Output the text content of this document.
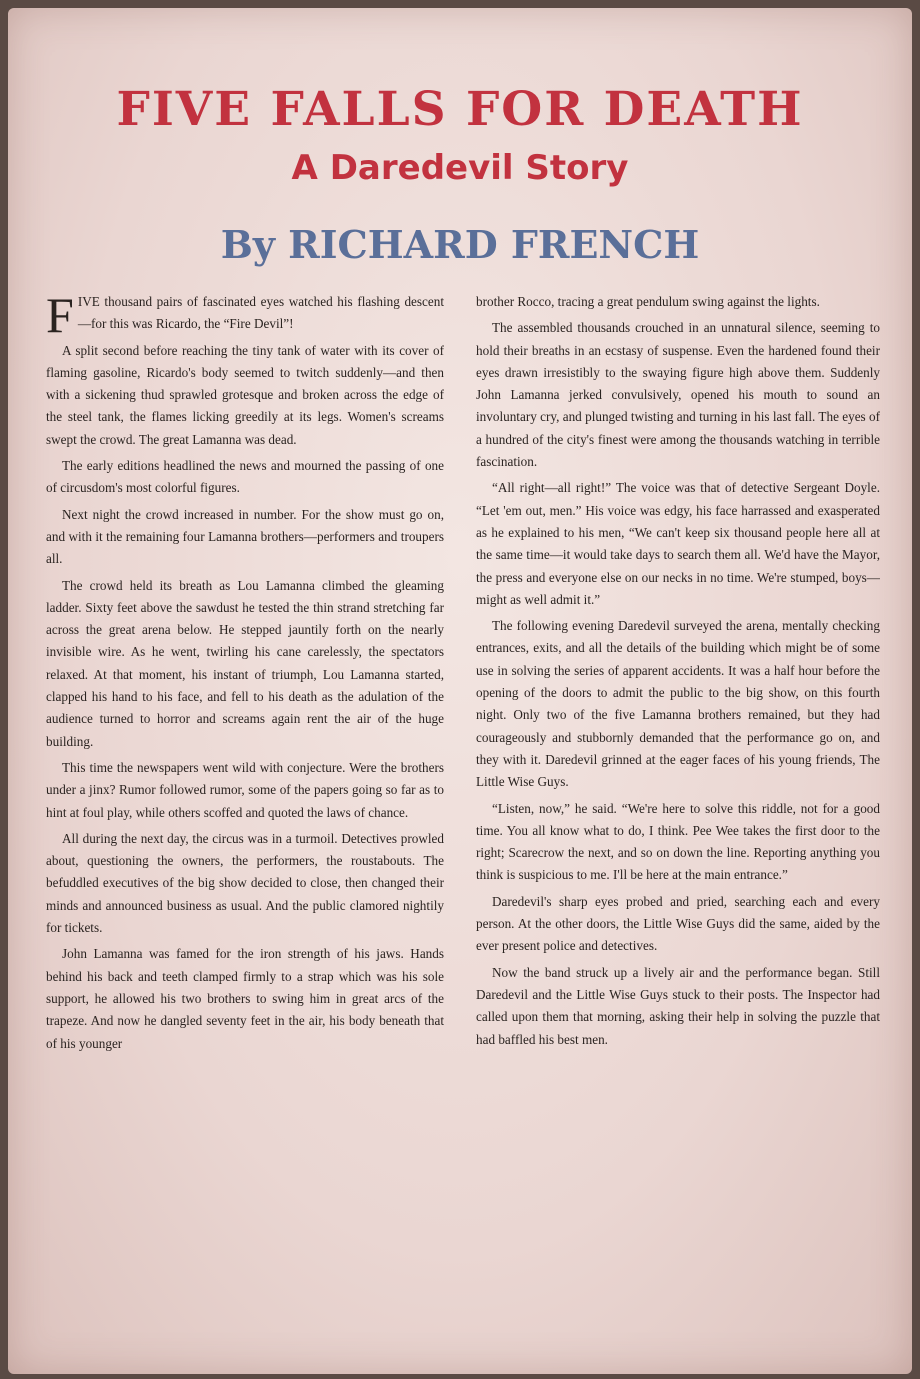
FIVE FALLS FOR DEATH
A Daredevil Story
By RICHARD FRENCH

FIVE thousand pairs of fascinated eyes watched his flashing descent—for this was Ricardo, the “Fire Devil”!

A split second before reaching the tiny tank of water with its cover of flaming gasoline, Ricardo's body seemed to twitch suddenly—and then with a sickening thud sprawled grotesque and broken across the edge of the steel tank, the flames licking greedily at its legs. Women's screams swept the crowd. The great Lamanna was dead.

The early editions headlined the news and mourned the passing of one of circusdom's most colorful figures.

Next night the crowd increased in number. For the show must go on, and with it the remaining four Lamanna brothers—performers and troupers all.

The crowd held its breath as Lou Lamanna climbed the gleaming ladder. Sixty feet above the sawdust he tested the thin strand stretching far across the great arena below. He stepped jauntily forth on the nearly invisible wire. As he went, twirling his cane carelessly, the spectators relaxed. At that moment, his instant of triumph, Lou Lamanna started, clapped his hand to his face, and fell to his death as the adulation of the audience turned to horror and screams again rent the air of the huge building.

This time the newspapers went wild with conjecture. Were the brothers under a jinx? Rumor followed rumor, some of the papers going so far as to hint at foul play, while others scoffed and quoted the laws of chance.

All during the next day, the circus was in a turmoil. Detectives prowled about, questioning the owners, the performers, the roustabouts. The befuddled executives of the big show decided to close, then changed their minds and announced business as usual. And the public clamored nightily for tickets.

John Lamanna was famed for the iron strength of his jaws. Hands behind his back and teeth clamped firmly to a strap which was his sole support, he allowed his two brothers to swing him in great arcs of the trapeze. And now he dangled seventy feet in the air, his body beneath that of his younger

brother Rocco, tracing a great pendulum swing against the lights.

The assembled thousands crouched in an unnatural silence, seeming to hold their breaths in an ecstasy of suspense. Even the hardened found their eyes drawn irresistibly to the swaying figure high above them. Suddenly John Lamanna jerked convulsively, opened his mouth to sound an involuntary cry, and plunged twisting and turning in his last fall. The eyes of a hundred of the city's finest were among the thousands watching in terrible fascination.

“All right—all right!” The voice was that of detective Sergeant Doyle. “Let 'em out, men.” His voice was edgy, his face harrassed and exasperated as he explained to his men, “We can't keep six thousand people here all at the same time—it would take days to search them all. We'd have the Mayor, the press and everyone else on our necks in no time. We're stumped, boys—might as well admit it.”

The following evening Daredevil surveyed the arena, mentally checking entrances, exits, and all the details of the building which might be of some use in solving the series of apparent accidents. It was a half hour before the opening of the doors to admit the public to the big show, on this fourth night. Only two of the five Lamanna brothers remained, but they had courageously and stubbornly demanded that the performance go on, and they with it. Daredevil grinned at the eager faces of his young friends, The Little Wise Guys.

“Listen, now,” he said. “We're here to solve this riddle, not for a good time. You all know what to do, I think. Pee Wee takes the first door to the right; Scarecrow the next, and so on down the line. Reporting anything you think is suspicious to me. I'll be here at the main entrance.”

Daredevil's sharp eyes probed and pried, searching each and every person. At the other doors, the Little Wise Guys did the same, aided by the ever present police and detectives.

Now the band struck up a lively air and the performance began. Still Daredevil and the Little Wise Guys stuck to their posts. The Inspector had called upon them that morning, asking their help in solving the puzzle that had baffled his best men.
